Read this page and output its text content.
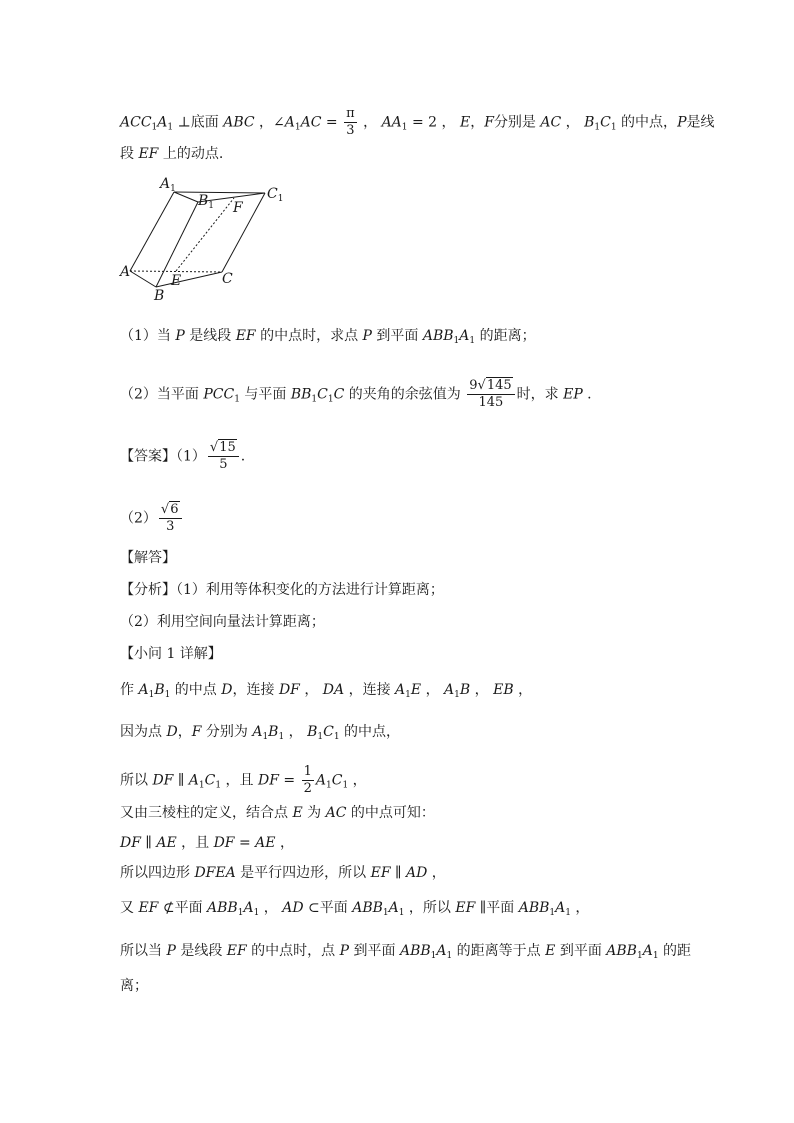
$ACC_1A_1$ ⊥底面 ABC ，$\angle A_1AC = \frac{\pi}{3}$ ， $AA_1 = 2$ ， E，F分别是 AC ， $B_1C_1$ 的中点，P是线
段 EF 上的动点.
$A_1$
$B_1$
$C_1$
F
A
E	C
B
（1）当 P 是线段 EF 的中点时，求点 P 到平面 $ABB_1A_1$ 的距离；
（2）当平面 $PCC_1$ 与平面 $BB_1C_1C$ 的夹角的余弦值为 $\frac{9√145}{145}$ 时，求 EP .
【答案】$(1) \frac{√15}{5}$ .
$(2) \frac{√6}{3}$
【解答】
【分析】（1）利用等体积变化的方法进行计算距离；
（2）利用空间向量法计算距离；
【小问 1 详解】
作 $A_1B_1$ 的中点 D，连接 DF ， DA ，连接 $A_1E$ ， $A_1B$ ， EB ，
因为点 D，F 分别为 $A_1B_1$ ， $B_1C_1$ 的中点，
所以 DF ∥ $A_1C_1$ ，且 DF = $\frac{1}{2} A_1C_1$ ，
又由三棱柱的定义，结合点 E 为 AC 的中点可知：
DF ∥ AE ，且 DF = AE ，
所以四边形 DFEA 是平行四边形，所以 EF ∥ AD ，
又 EF ⊄平面 $ABB_1A_1$ ， AD ⊂平面 $ABB_1A_1$ ，所以 EF ∥平面 $ABB_1A_1$ ，
所以当 P 是线段 EF 的中点时，点 P 到平面 $ABB_1A_1$ 的距离等于点 E 到平面 $ABB_1A_1$ 的距
离；
